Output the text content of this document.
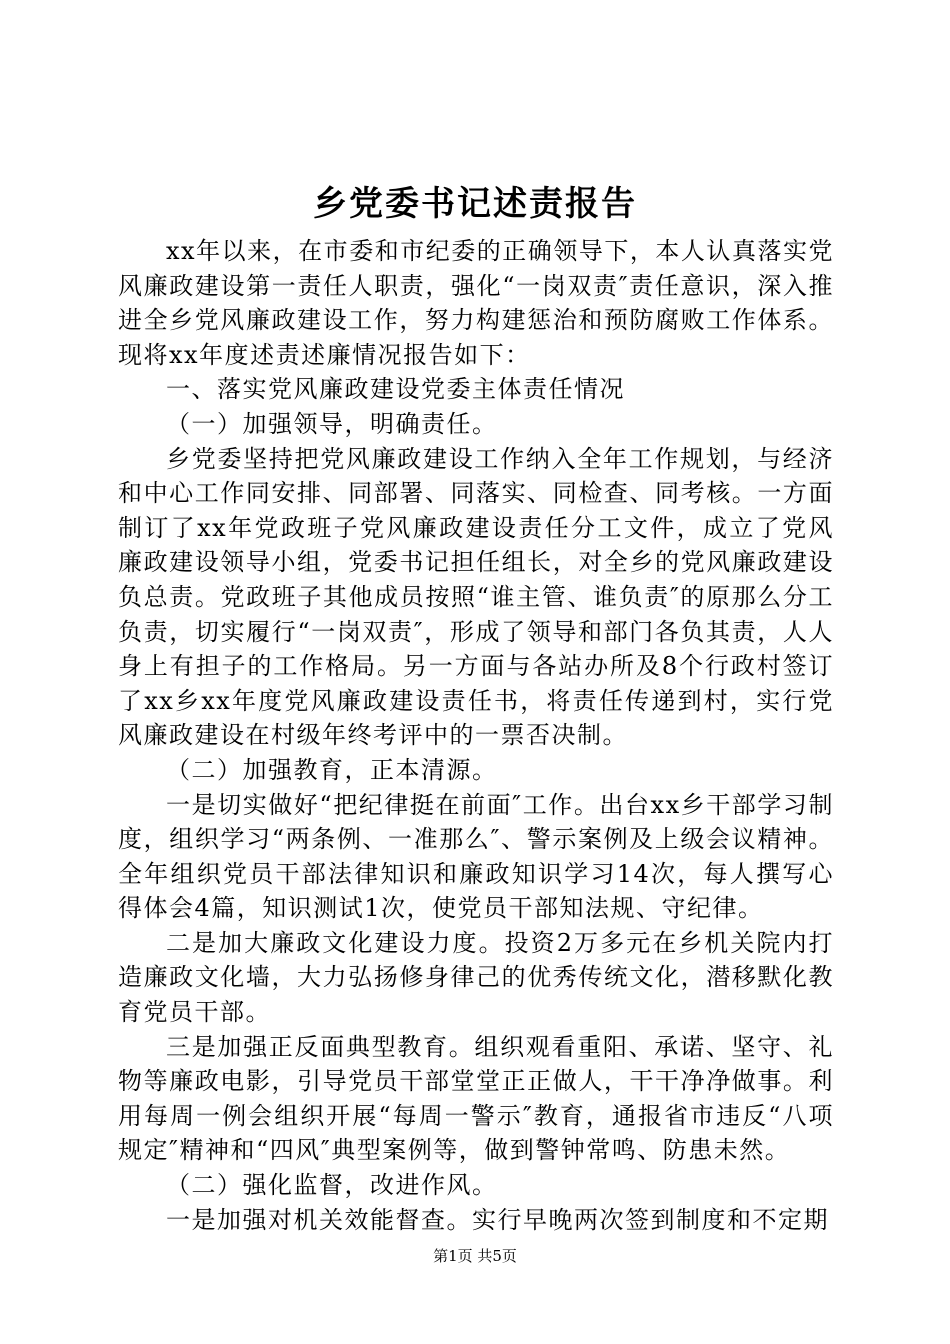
乡党委书记述责报告

xx年以来，在市委和市纪委的正确领导下，本人认真落实党风廉政建设第一责任人职责，强化“一岗双责″责任意识，深入推进全乡党风廉政建设工作，努力构建惩治和预防腐败工作体系。现将xx年度述责述廉情况报告如下：

一、落实党风廉政建设党委主体责任情况

（一）加强领导，明确责任。

乡党委坚持把党风廉政建设工作纳入全年工作规划，与经济和中心工作同安排、同部署、同落实、同检查、同考核。一方面制订了xx年党政班子党风廉政建设责任分工文件，成立了党风廉政建设领导小组，党委书记担任组长，对全乡的党风廉政建设负总责。党政班子其他成员按照“谁主管、谁负责″的原那么分工负责，切实履行“一岗双责″，形成了领导和部门各负其责，人人身上有担子的工作格局。另一方面与各站办所及8个行政村签订了xx乡xx年度党风廉政建设责任书，将责任传递到村，实行党风廉政建设在村级年终考评中的一票否决制。

（二）加强教育，正本清源。

一是切实做好“把纪律挺在前面″工作。出台xx乡干部学习制度，组织学习“两条例、一准那么″、警示案例及上级会议精神。全年组织党员干部法律知识和廉政知识学习14次，每人撰写心得体会4篇，知识测试1次，使党员干部知法规、守纪律。

二是加大廉政文化建设力度。投资2万多元在乡机关院内打造廉政文化墙，大力弘扬修身律己的优秀传统文化，潜移默化教育党员干部。

三是加强正反面典型教育。组织观看重阳、承诺、坚守、礼物等廉政电影，引导党员干部堂堂正正做人，干干净净做事。利用每周一例会组织开展“每周一警示″教育，通报省市违反“八项规定″精神和“四风″典型案例等，做到警钟常鸣、防患未然。

（二）强化监督，改进作风。

一是加强对机关效能督查。实行早晚两次签到制度和不定期

第1页 共5页
